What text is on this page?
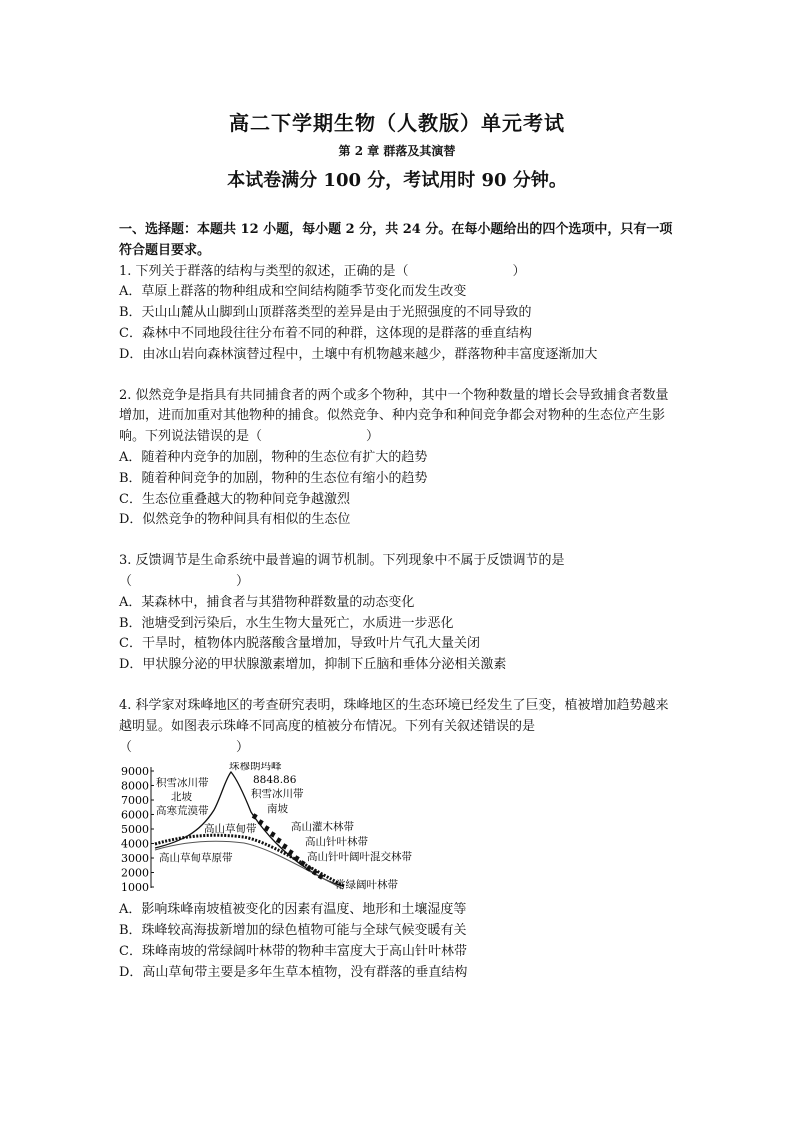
高二下学期生物（人教版）单元考试
第 2 章 群落及其演替
本试卷满分 100 分，考试用时 90 分钟。

一、选择题：本题共 12 小题，每小题 2 分，共 24 分。在每小题给出的四个选项中，只有一项符合题目要求。

1. 下列关于群落的结构与类型的叙述，正确的是（　　　　　　　　）

A．草原上群落的物种组成和空间结构随季节变化而发生改变

B．天山山麓从山脚到山顶群落类型的差异是由于光照强度的不同导致的

C．森林中不同地段往往分布着不同的种群，这体现的是群落的垂直结构

D．由冰山岩向森林演替过程中，土壤中有机物越来越少，群落物种丰富度逐渐加大

2. 似然竞争是指具有共同捕食者的两个或多个物种，其中一个物种数量的增长会导致捕食者数量增加，进而加重对其他物种的捕食。似然竞争、种内竞争和种间竞争都会对物种的生态位产生影响。下列说法错误的是（　　　　　　　　）

A．随着种内竞争的加剧，物种的生态位有扩大的趋势

B．随着种间竞争的加剧，物种的生态位有缩小的趋势

C．生态位重叠越大的物种间竞争越激烈

D．似然竞争的物种间具有相似的生态位

3. 反馈调节是生命系统中最普遍的调节机制。下列现象中不属于反馈调节的是

（　　　　　　　　）

A．某森林中，捕食者与其猎物种群数量的动态变化

B．池塘受到污染后，水生生物大量死亡，水质进一步恶化

C．干旱时，植物体内脱落酸含量增加，导致叶片气孔大量关闭

D．甲状腺分泌的甲状腺激素增加，抑制下丘脑和垂体分泌相关激素

4. 科学家对珠峰地区的考查研究表明，珠峰地区的生态环境已经发生了巨变，植被增加趋势越来越明显。如图表示珠峰不同高度的植被分布情况。下列有关叙述错误的是

（　　　　　　　　）

9000
8000
7000
6000
5000
4000
3000
2000
1000
珠穆朗玛峰
8848.86
积雪冰川带
北坡
高寒荒漠带
高山草甸带
高山草甸草原带
积雪冰川带
南坡
高山灌木林带
高山针叶林带
高山针叶阔叶混交林带
常绿阔叶林带

A．影响珠峰南坡植被变化的因素有温度、地形和土壤湿度等

B．珠峰较高海拔新增加的绿色植物可能与全球气候变暖有关

C．珠峰南坡的常绿阔叶林带的物种丰富度大于高山针叶林带

D．高山草甸带主要是多年生草本植物，没有群落的垂直结构
